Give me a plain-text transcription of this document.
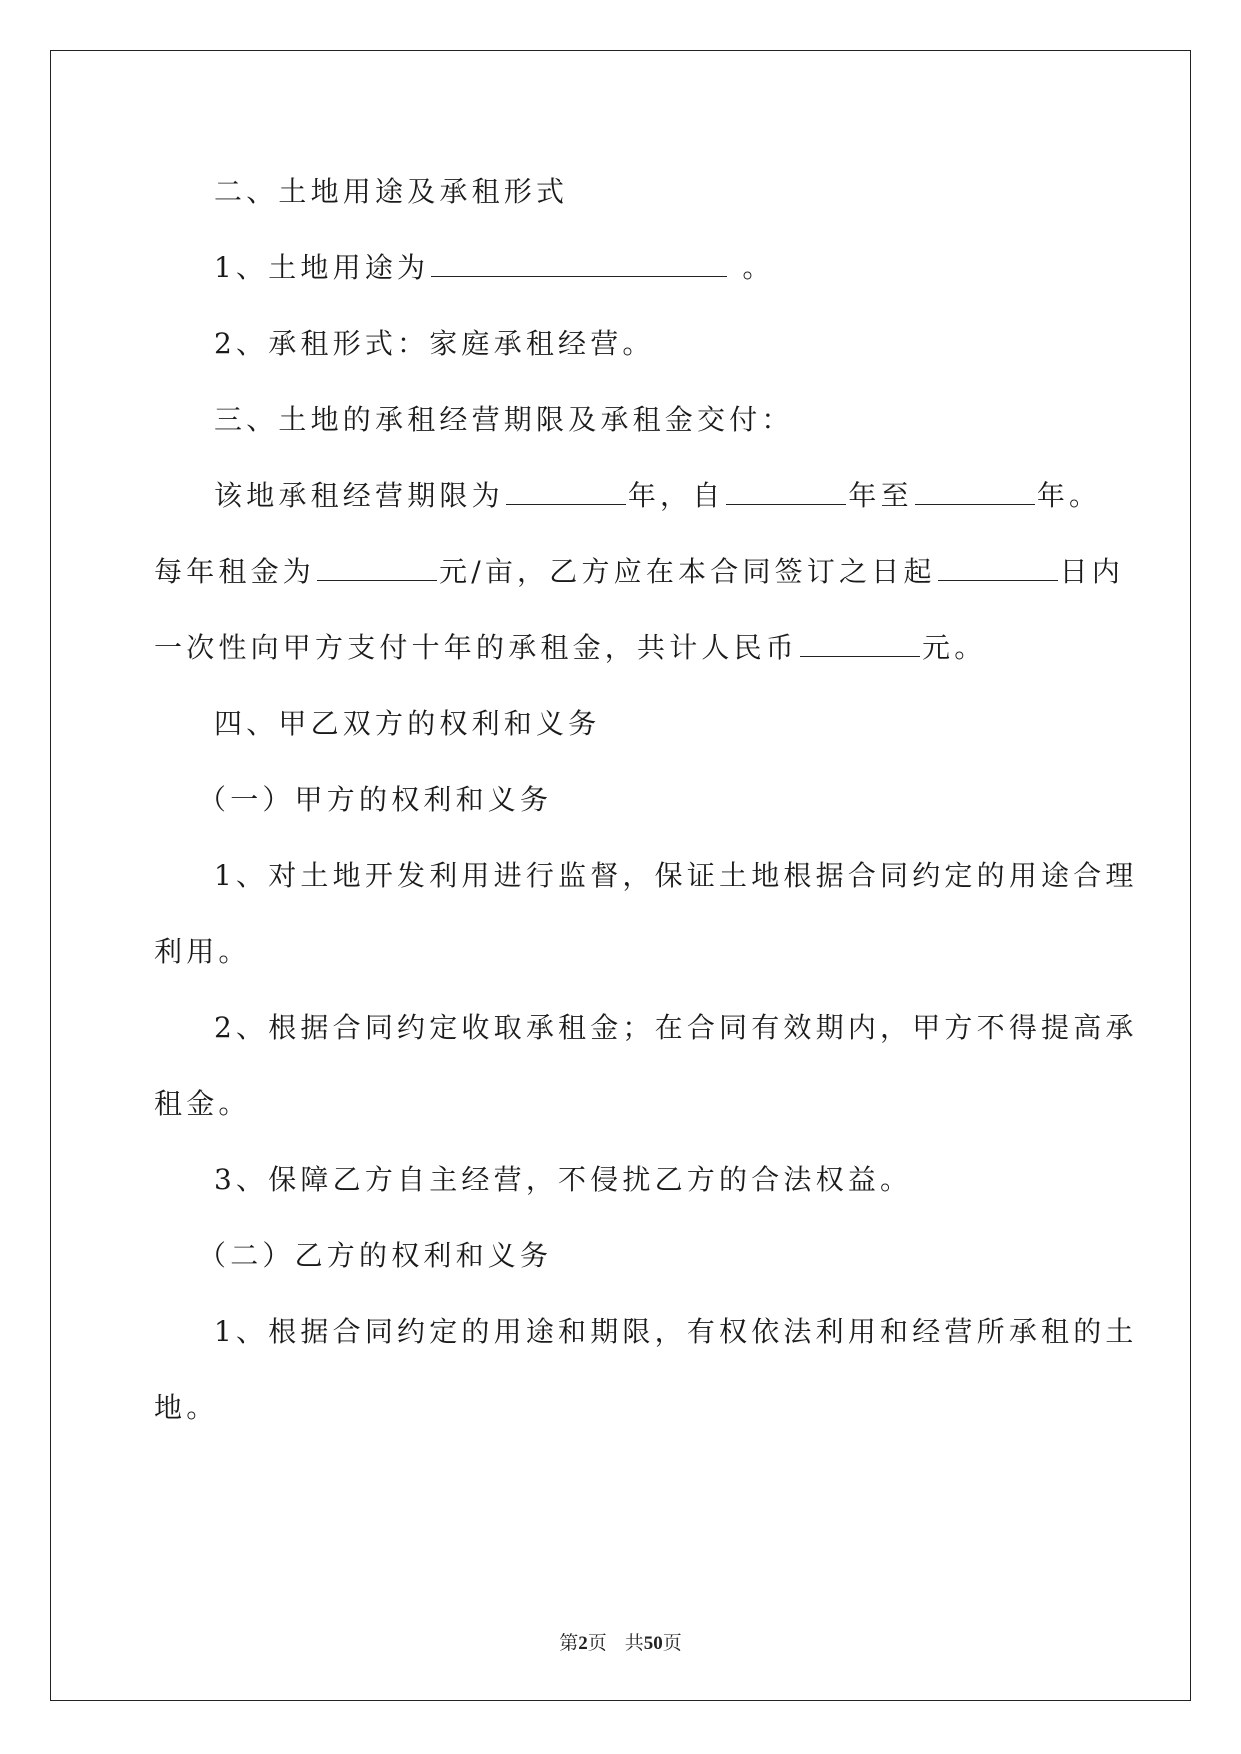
二、土地用途及承租形式
1、土地用途为	。
2、承租形式：家庭承租经营。
三、土地的承租经营期限及承租金交付：
该地承租经营期限为	年，自	年至	年。
每年租金为	元/亩，乙方应在本合同签订之日起	日内
一次性向甲方支付十年的承租金，共计人民币	元。
四、甲乙双方的权利和义务
（一）甲方的权利和义务
1、对土地开发利用进行监督，保证土地根据合同约定的用途合理
利用。
2、根据合同约定收取承租金；在合同有效期内，甲方不得提高承
租金。
3、保障乙方自主经营，不侵扰乙方的合法权益。
（二）乙方的权利和义务
1、根据合同约定的用途和期限，有权依法利用和经营所承租的土
地。
第2页 共50页
